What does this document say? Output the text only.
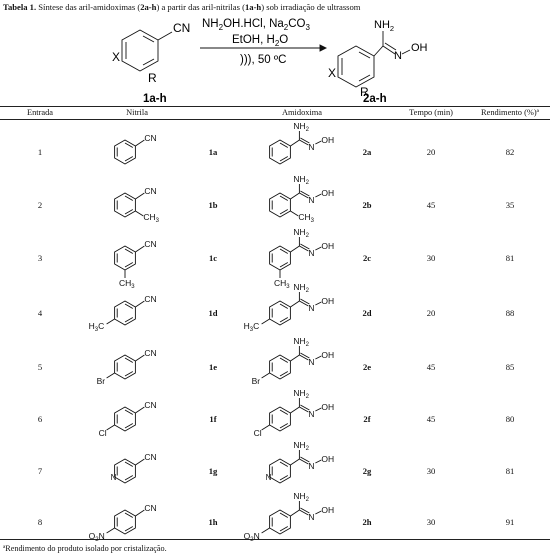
Tabela 1. Síntese das aril-amidoximas (2a-h) a partir das aril-nitrilas (1a-h) sob irradiação de ultrassom
CN
X
R
$NH_2OH.HCl$, $Na_2CO_3$
EtOH, $H_2O$
))), 50 ºC
$NH_2$
N
OH
X
R
1a-h	2a-h
Entrada	Nitrila	Amidoxima	Tempo (min)	Rendimento (%)ª
1	1a	2a	20	82
CN
$NH_2$
N
OH
2	1b	2b	45	35
CN
$CH_3$
$NH_2$
N
OH
$CH_3$
3	1c	2c	30	81
CN
$CH_3$
$NH_2$
N
OH
$CH_3$
4	1d	2d	20	88
CN
$H_3C$
$NH_2$
N
OH
$H_3C$
5	1e	2e	45	85
CN
Br
$NH_2$
N
OH
Br
6	1f	2f	45	80
CN
Cl
$NH_2$
N
OH
Cl
7	1g	2g	30	81
CN
N
$NH_2$
N
OH
N
8	1h	2h	30	91
CN
$O_2N$
$NH_2$
N
OH
$O_2N$
ªRendimento do produto isolado por cristalização.
